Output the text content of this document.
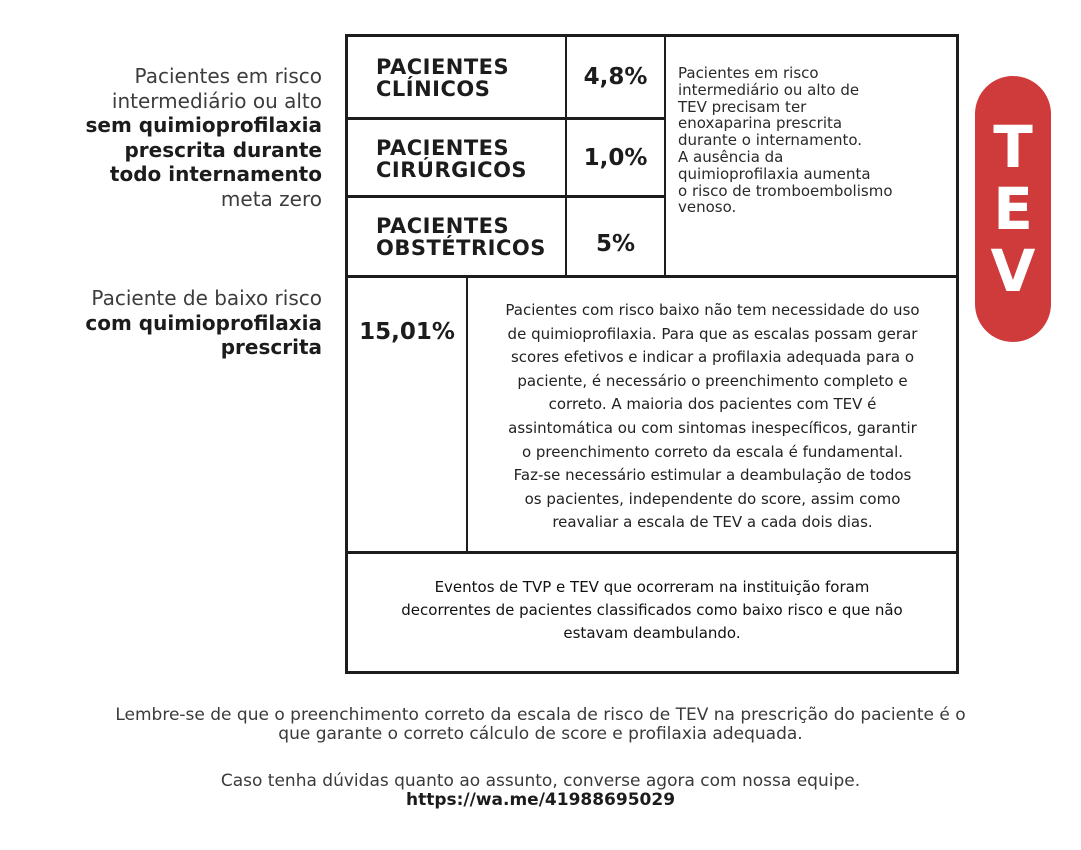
Pacientes em risco
intermediário ou alto
sem quimioprofilaxia
prescrita durante
todo internamento
meta zero
Paciente de baixo risco
com quimioprofilaxia
prescrita
PACIENTES
CLÍNICOS	4,8%
PACIENTES
CIRÚRGICOS	1,0%
PACIENTES
OBSTÉTRICOS	5%
Pacientes em risco
intermediário ou alto de
TEV precisam ter
enoxaparina prescrita
durante o internamento.
A ausência da
quimioprofilaxia aumenta
o risco de tromboembolismo
venoso.
15,01%
Pacientes com risco baixo não tem necessidade do uso
de quimioprofilaxia. Para que as escalas possam gerar
scores efetivos e indicar a profilaxia adequada para o
paciente, é necessário o preenchimento completo e
correto. A maioria dos pacientes com TEV é
assintomática ou com sintomas inespecíficos, garantir
o preenchimento correto da escala é fundamental.
Faz-se necessário estimular a deambulação de todos
os pacientes, independente do score, assim como
reavaliar a escala de TEV a cada dois dias.
Eventos de TVP e TEV que ocorreram na instituição foram
decorrentes de pacientes classificados como baixo risco e que não
estavam deambulando.
T
E
V
Lembre-se de que o preenchimento correto da escala de risco de TEV na prescrição do paciente é o
que garante o correto cálculo de score e profilaxia adequada.
Caso tenha dúvidas quanto ao assunto, converse agora com nossa equipe.
https://wa.me/41988695029
